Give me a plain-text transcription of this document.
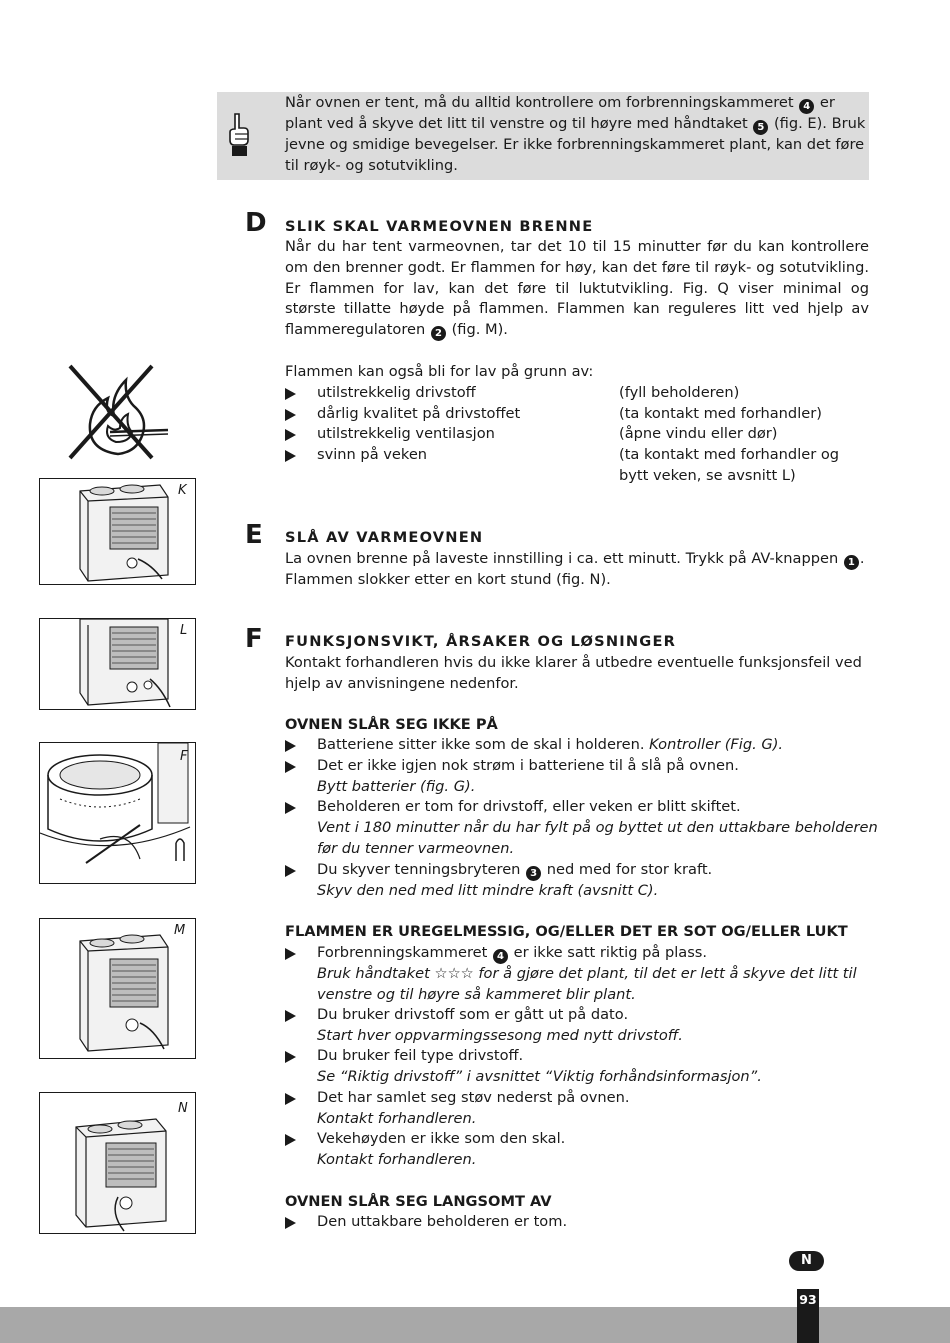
Når ovnen er tent, må du alltid kontrollere om forbrenningskammeret 4 er
plant ved å skyve det litt til venstre og til høyre med håndtaket 5 (fig. E). Bruk
jevne og smidige bevegelser. Er ikke forbrenningskammeret plant, kan det føre
til røyk- og sotutvikling.
D SLIK SKAL VARMEOVNEN BRENNE
Når du har tent varmeovnen, tar det 10 til 15 minutter før du kan kontrollere
om den brenner godt. Er flammen for høy, kan det føre til røyk- og sotutvikling.
Er flammen for lav, kan det føre til luktutvikling. Fig. Q viser minimal og
største tillatte høyde på flammen. Flammen kan reguleres litt ved hjelp av
flammeregulatoren 2 (fig. M).
Flammen kan også bli for lav på grunn av:
utilstrekkelig drivstoff	(fyll beholderen)
dårlig kvalitet på drivstoffet	(ta kontakt med forhandler)
utilstrekkelig ventilasjon	(åpne vindu eller dør)
svinn på veken	(ta kontakt med forhandler og
bytt veken, se avsnitt L)
E SLÅ AV VARMEOVNEN
La ovnen brenne på laveste innstilling i ca. ett minutt. Trykk på AV-knappen 1 .
Flammen slokker etter en kort stund (fig. N).
F FUNKSJONSVIKT, ÅRSAKER OG LØSNINGER
Kontakt forhandleren hvis du ikke klarer å utbedre eventuelle funksjonsfeil ved
hjelp av anvisningene nedenfor.
OVNEN SLÅR SEG IKKE PÅ
Batteriene sitter ikke som de skal i holderen. Kontroller (Fig. G).
Det er ikke igjen nok strøm i batteriene til å slå på ovnen.
Bytt batterier (fig. G).
Beholderen er tom for drivstoff, eller veken er blitt skiftet.
Vent i 180 minutter når du har fylt på og byttet ut den uttakbare beholderen
før du tenner varmeovnen.
Du skyver tenningsbryteren 3 ned med for stor kraft.
Skyv den ned med litt mindre kraft (avsnitt C).
FLAMMEN ER UREGELMESSIG, OG/ELLER DET ER SOT OG/ELLER LUKT
Forbrenningskammeret 4 er ikke satt riktig på plass.
Bruk håndtaket ☆☆☆ for å gjøre det plant, til det er lett å skyve det litt til
venstre og til høyre så kammeret blir plant.
Du bruker drivstoff som er gått ut på dato.
Start hver oppvarmingssesong med nytt drivstoff.
Du bruker feil type drivstoff.
Se “Riktig drivstoff” i avsnittet “Viktig forhåndsinformasjon”.
Det har samlet seg støv nederst på ovnen.
Kontakt forhandleren.
Vekehøyden er ikke som den skal.
Kontakt forhandleren.
OVNEN SLÅR SEG LANGSOMT AV
Den uttakbare beholderen er tom.
K
L
F
M
N
N
93
